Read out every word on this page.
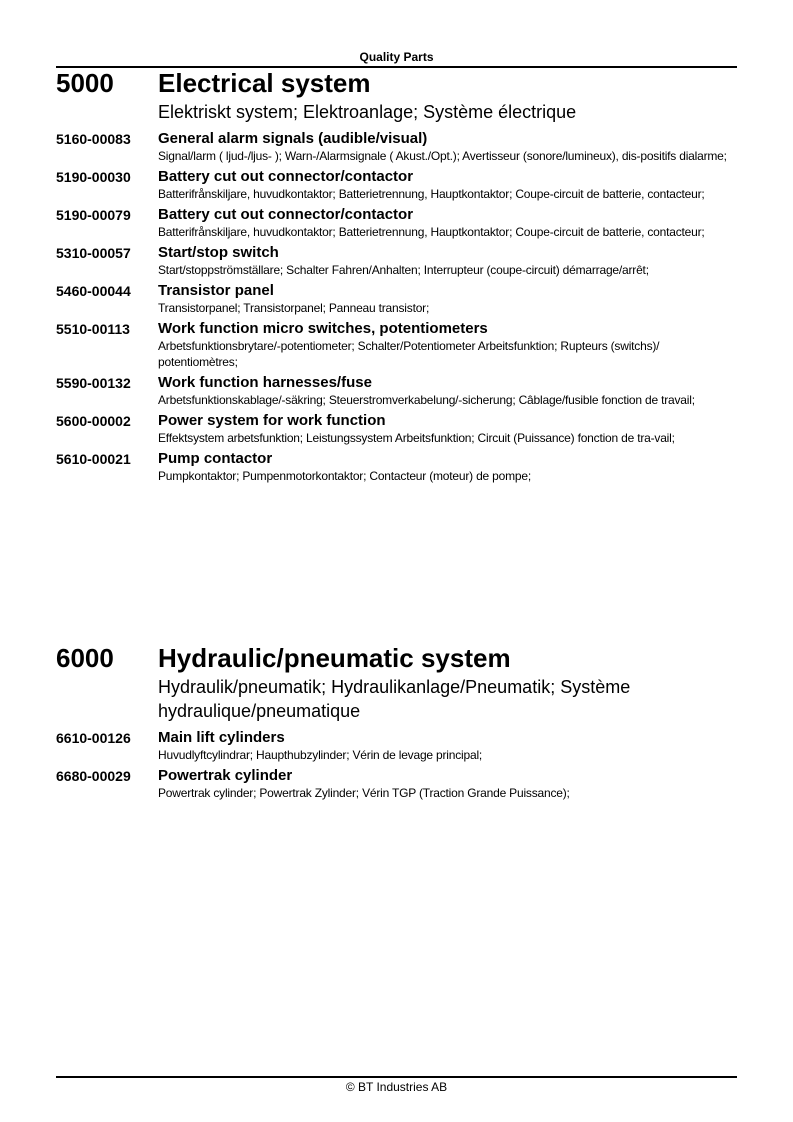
Quality Parts
5000	Electrical system
Elektriskt system; Elektroanlage; Système électrique
5160-00083	General alarm signals (audible/visual)
Signal/larm ( ljud-/ljus- ); Warn-/Alarmsignale ( Akust./Opt.); Avertisseur (sonore/lumineux), dis-positifs dialarme;
5190-00030	Battery cut out connector/contactor
Batterifrånskiljare, huvudkontaktor; Batterietrennung, Hauptkontaktor; Coupe-circuit de batterie, contacteur;
5190-00079	Battery cut out connector/contactor
Batterifrånskiljare, huvudkontaktor; Batterietrennung, Hauptkontaktor; Coupe-circuit de batterie, contacteur;
5310-00057	Start/stop switch
Start/stoppströmställare; Schalter Fahren/Anhalten; Interrupteur (coupe-circuit) démarrage/arrêt;
5460-00044	Transistor panel
Transistorpanel; Transistorpanel; Panneau transistor;
5510-00113	Work function micro switches, potentiometers
Arbetsfunktionsbrytare/-potentiometer; Schalter/Potentiometer Arbeitsfunktion; Rupteurs (switchs)/ potentiomètres;
5590-00132	Work function harnesses/fuse
Arbetsfunktionskablage/-säkring; Steuerstromverkabelung/-sicherung; Câblage/fusible fonction de travail;
5600-00002	Power system for work function
Effektsystem arbetsfunktion; Leistungssystem Arbeitsfunktion; Circuit (Puissance) fonction de tra-vail;
5610-00021	Pump contactor
Pumpkontaktor; Pumpenmotorkontaktor; Contacteur (moteur) de pompe;
6000	Hydraulic/pneumatic system
Hydraulik/pneumatik; Hydraulikanlage/Pneumatik; Système hydraulique/pneumatique
6610-00126	Main lift cylinders
Huvudlyftcylindrar; Haupthubzylinder; Vérin de levage principal;
6680-00029	Powertrak cylinder
Powertrak cylinder; Powertrak Zylinder; Vérin TGP (Traction Grande Puissance);
© BT Industries AB
